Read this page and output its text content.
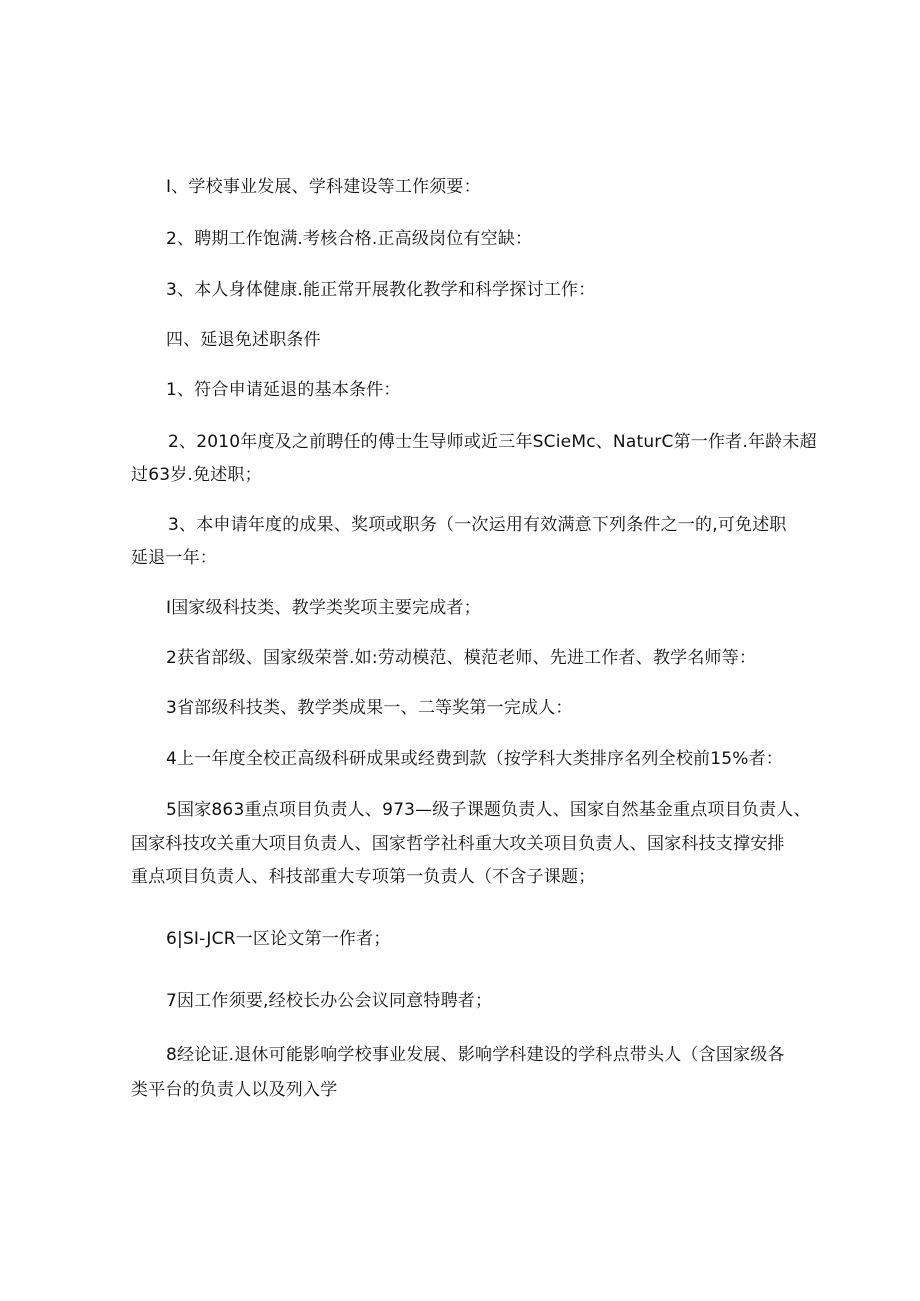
I、学校事业发展、学科建设等工作须要：
2、聘期工作饱满.考核合格.正高级岗位有空缺：
3、本人身体健康.能正常开展教化教学和科学探讨工作：
四、延退免述职条件
1、符合申请延退的基本条件：
2、2010年度及之前聘任的傅士生导师或近三年SCieMc、NaturC第一作者.年龄未超
过63岁.免述职；
3、本申请年度的成果、奖项或职务（一次运用有效满意下列条件之一的,可免述职
延退一年：
I国家级科技类、教学类奖项主要完成者；
2获省部级、国家级荣誉.如:劳动模范、模范老师、先进工作者、教学名师等：
3省部级科技类、教学类成果一、二等奖第一完成人：
4上一年度全校正高级科研成果或经费到款（按学科大类排序名列全校前15%者：
5国家863重点项目负责人、973—级子课题负责人、国家自然基金重点项目负责人、
国家科技攻关重大项目负责人、国家哲学社科重大攻关项目负责人、国家科技支撑安排
重点项目负责人、科技部重大专项第一负责人（不含子课题；
6|SI-JCR一区论文第一作者；
7因工作须要,经校长办公会议同意特聘者；
8经论证.退休可能影响学校事业发展、影响学科建设的学科点带头人（含国家级各
类平台的负责人以及列入学
